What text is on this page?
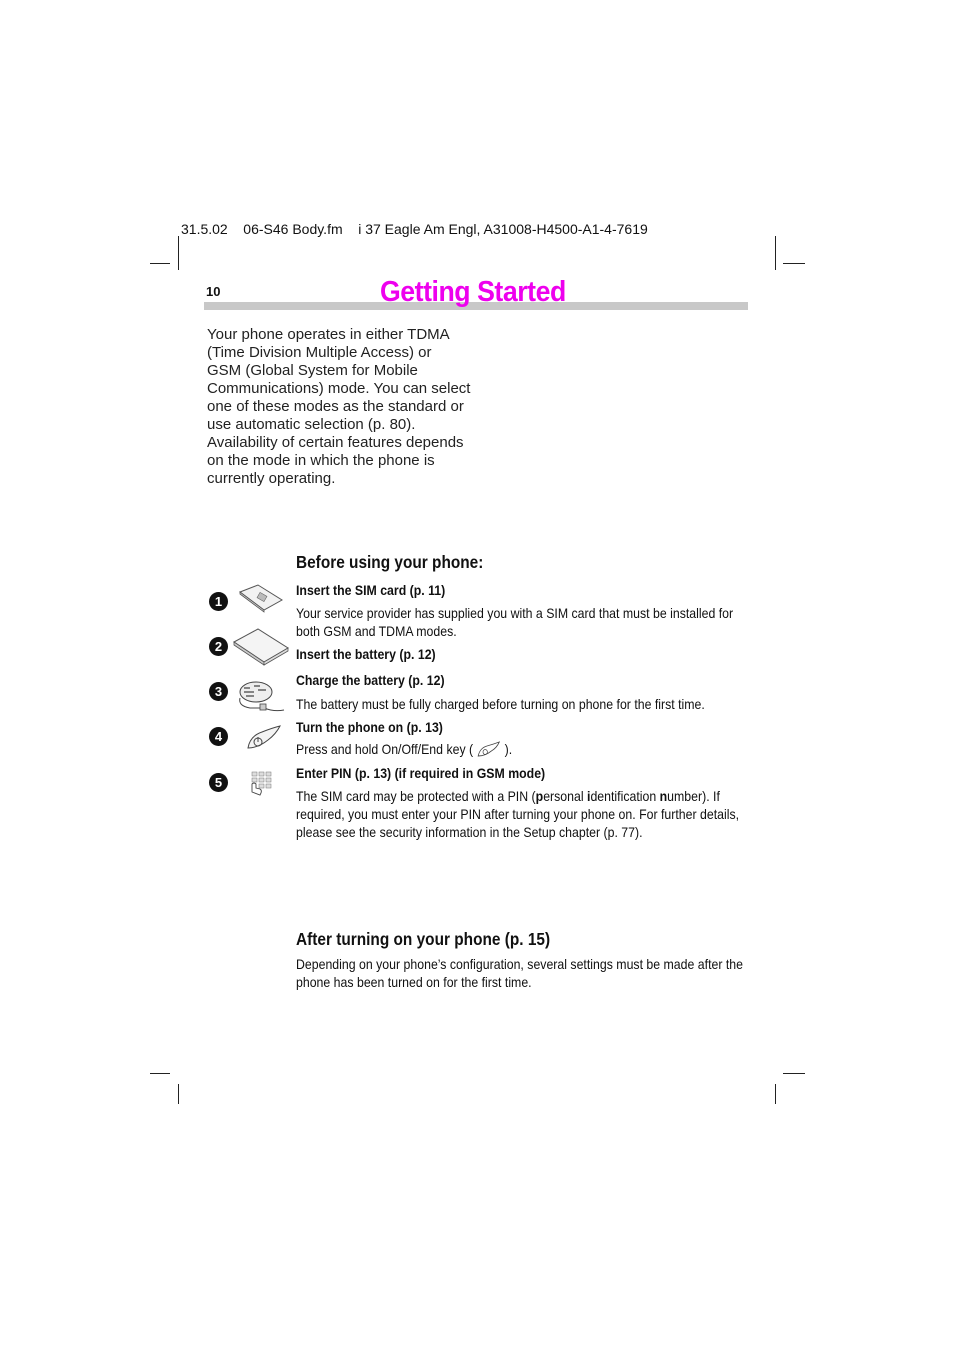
31.5.02 06-S46 Body.fm i 37 Eagle Am Engl, A31008-H4500-A1-4-7619
10	Getting Started

Your phone operates in either TDMA (Time Division Multiple Access) or

GSM (Global System for Mobile Communications) mode. You can select one of these modes as the standard or use automatic selection (p. 80).

Availability of certain features depends on the mode in which the phone is currently operating.

Before using your phone:
1
Insert the SIM card (p. 11)
Your service provider has supplied you with a SIM card that must be installed for both GSM and TDMA modes.
2	Insert the battery (p. 12)
3
Charge the battery (p. 12)
The battery must be fully charged before turning on phone for the first time.
4
Turn the phone on (p. 13)
Press and hold On/Off/End key ( ).
5
Enter PIN (p. 13) (if required in GSM mode)
The SIM card may be protected with a PIN (personal identification number). If required, you must enter your PIN after turning your phone on. For further details, please see the security information in the Setup chapter (p. 77).
After turning on your phone (p. 15)
Depending on your phone’s configuration, several settings must be made after the phone has been turned on for the first time.
